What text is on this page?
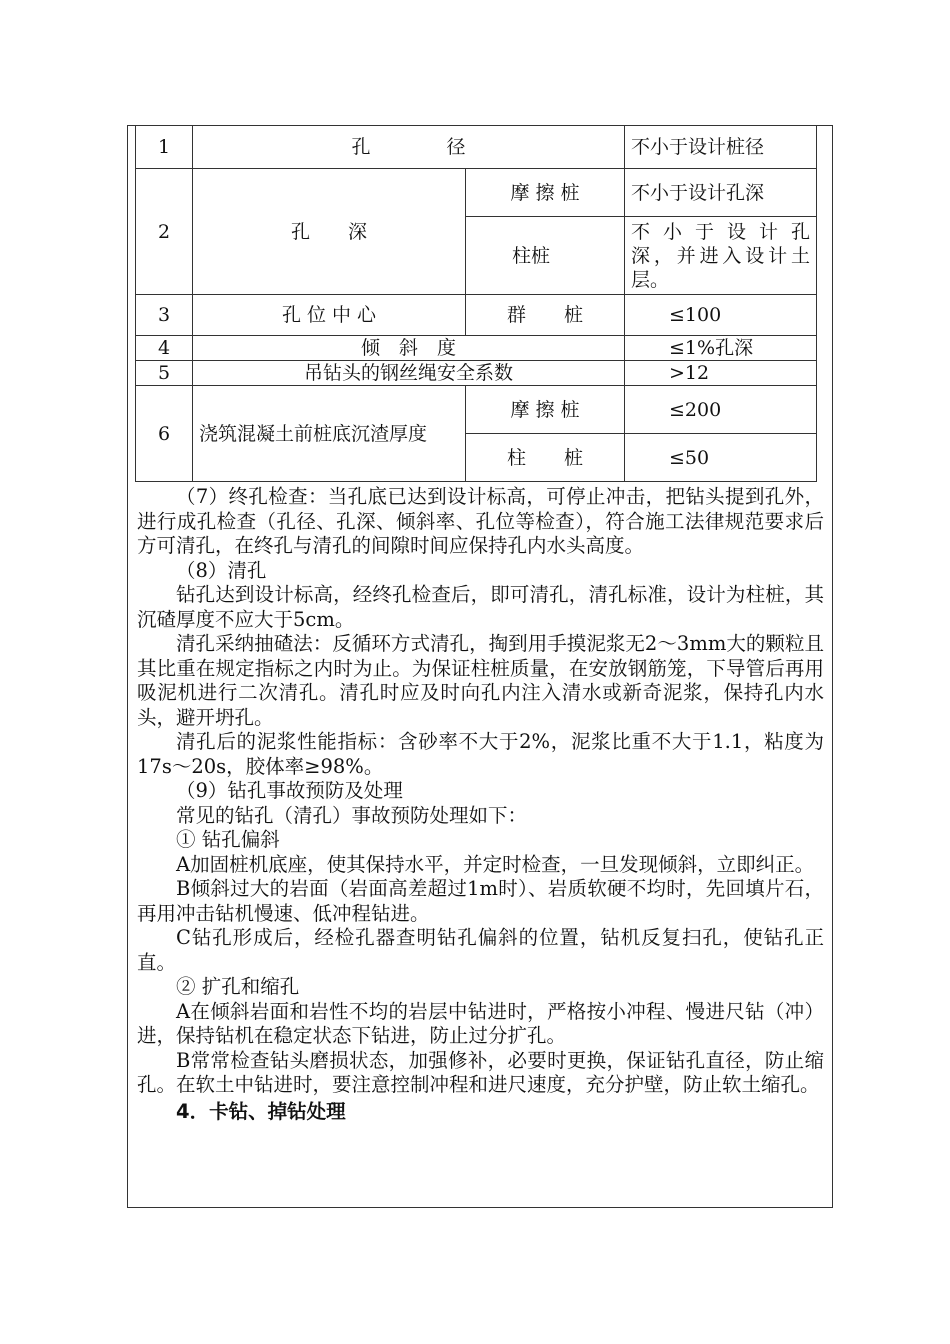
1	孔　　　　径		不小于设计桩径
2	孔　　深	摩 擦 桩	不小于设计孔深
		柱桩	不 小 于 设 计 孔 深，并进入设计土层。
3	孔 位 中 心	群　　桩	≤100
4	倾　斜　度		≤1%孔深
5	吊钻头的钢丝绳安全系数		>12
6	浇筑混凝土前桩底沉渣厚度	摩 擦 桩	≤200
		柱　　桩	≤50

（7）终孔检查：当孔底已达到设计标高，可停止冲击，把钻头提到孔外，进行成孔检查（孔径、孔深、倾斜率、孔位等检查），符合施工法律规范要求后方可清孔，在终孔与清孔的间隙时间应保持孔内水头高度。

（8）清孔

钻孔达到设计标高，经终孔检查后，即可清孔，清孔标准，设计为柱桩，其沉碴厚度不应大于5cm。

清孔采纳抽碴法：反循环方式清孔，掏到用手摸泥浆无2～3mm大的颗粒且其比重在规定指标之内时为止。为保证柱桩质量，在安放钢筋笼，下导管后再用吸泥机进行二次清孔。清孔时应及时向孔内注入清水或新奇泥浆，保持孔内水头，避开坍孔。

清孔后的泥浆性能指标：含砂率不大于2%，泥浆比重不大于1.1，粘度为17s～20s，胶体率≥98%。

（9）钻孔事故预防及处理

常见的钻孔（清孔）事故预防处理如下：

① 钻孔偏斜

A加固桩机底座，使其保持水平，并定时检查，一旦发现倾斜，立即纠正。

B倾斜过大的岩面（岩面高差超过1m时）、岩质软硬不均时，先回填片石，再用冲击钻机慢速、低冲程钻进。

C钻孔形成后，经检孔器查明钻孔偏斜的位置，钻机反复扫孔，使钻孔正直。

② 扩孔和缩孔

A在倾斜岩面和岩性不均的岩层中钻进时，严格按小冲程、慢进尺钻（冲）进，保持钻机在稳定状态下钻进，防止过分扩孔。

B常常检查钻头磨损状态，加强修补，必要时更换，保证钻孔直径，防止缩孔。在软土中钻进时，要注意控制冲程和进尺速度，充分护壁，防止软土缩孔。

4．卡钻、掉钻处理
